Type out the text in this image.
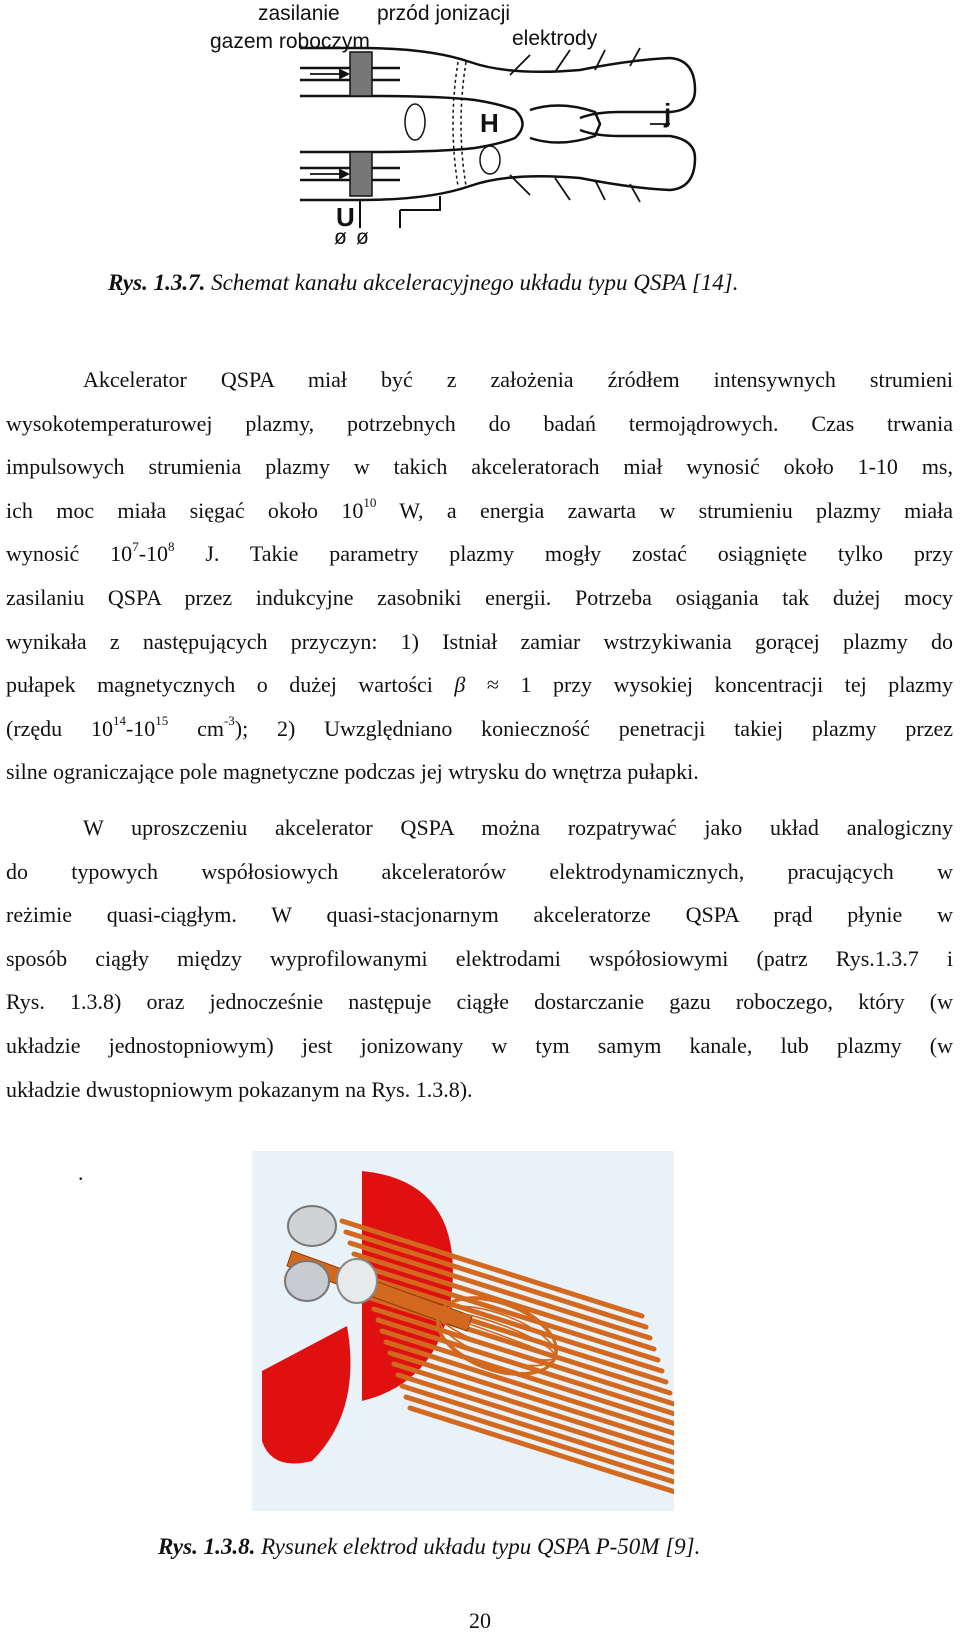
zasilanie
gazem roboczym
przód jonizacji
elektrody
H	j
U
ø ø
Rys. 1.3.7. Schemat kanału akceleracyjnego układu typu QSPA [14].
Akcelerator QSPA miał być z założenia źródłem intensywnych strumieni
wysokotemperaturowej plazmy, potrzebnych do badań termojądrowych. Czas trwania
impulsowych strumienia plazmy w takich akceleratorach miał wynosić około 1-10 ms,
ich moc miała sięgać około $10^{10}$ W, a energia zawarta w strumieniu plazmy miała
wynosić $10^7-10^8$ J. Takie parametry plazmy mogły zostać osiągnięte tylko przy
zasilaniu QSPA przez indukcyjne zasobniki energii. Potrzeba osiągania tak dużej mocy
wynikała z następujących przyczyn: 1) Istniał zamiar wstrzykiwania gorącej plazmy do
pułapek magnetycznych o dużej wartości β ≈ 1 przy wysokiej koncentracji tej plazmy
(rzędu $10^{14}-10^{15}$ $cm^{-3}$); 2) Uwzględniano konieczność penetracji takiej plazmy przez
silne ograniczające pole magnetyczne podczas jej wtrysku do wnętrza pułapki.
W uproszczeniu akcelerator QSPA można rozpatrywać jako układ analogiczny
do typowych współosiowych akceleratorów elektrodynamicznych, pracujących w
reżimie quasi-ciągłym. W quasi-stacjonarnym akceleratorze QSPA prąd płynie w
sposób ciągły między wyprofilowanymi elektrodami współosiowymi (patrz Rys.1.3.7 i
Rys. 1.3.8) oraz jednocześnie następuje ciągłe dostarczanie gazu roboczego, który (w
układzie jednostopniowym) jest jonizowany w tym samym kanale, lub plazmy (w
układzie dwustopniowym pokazanym na Rys. 1.3.8).
.
Rys. 1.3.8. Rysunek elektrod układu typu QSPA P-50M [9].
20
